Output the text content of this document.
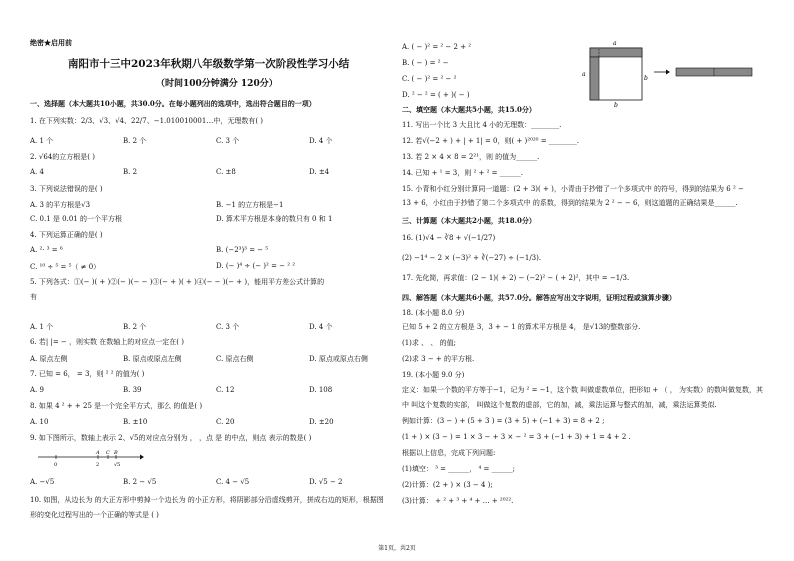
绝密★启用前
南阳市十三中2023年秋期八年级数学第一次阶段性学习小结
（时间100分钟满分 120分）
一、选择题（本大题共10小题，共30.0分。在每小题列出的选项中，选出符合题目的一项）
1. 在下列实数：2/3、√3、√4、22/7、−1.010010001…中，无理数有( )
A. 1 个	B. 2 个	C. 3 个	D. 4 个
2. √64的立方根是( )
A. 4	B. 2	C. ±8	D. ±4
3. 下列说法错误的是( )
A. 3 的平方根是√3	B. −1 的立方根是−1
C. 0.1 是 0.01 的一个平方根	D. 算术平方根是本身的数只有 0 和 1
4. 下列运算正确的是( )
A. ²· ³ = ⁶	B. (−2³)³ = − ⁵
C. ¹⁰ ÷ ⁵ = ⁵（ ≠ 0）	D. (− )⁴ ÷ (− )² = − ² ²
5. 下列各式：①(− )( + )②(− )(− − )③(− + )( + )④(− − )(− + )，能用平方差公式计算的
有
A. 1 个	B. 2 个	C. 3 个	D. 4 个
6. 若| |= − ，则实数 在数轴上的对应点一定在( )
A. 原点左侧	B. 原点或原点左侧	C. 原点右侧	D. 原点或原点右侧
7. 已知 = 6， = 3，则 ² ² 的值为( )
A. 9	B. 39	C. 12	D. 108
8. 如果 4 ² + + 25 是一个完全平方式，那么 的值是( )
A. 10	B. ±10	C. 20	D. ±20
9. 如下图所示，数轴上表示 2、√5的对应点分别为 ， ，点 是 的中点，则点 表示的数是( )
0
A C B
2	√5
A. −√5	B. 2 − √5	C. 4 − √5	D. √5 − 2
10. 如图，从边长为 的大正方形中剪掉一个边长为 的小正方形，将阴影部分沿虚线剪开，拼成右边的矩形，根据图
形的变化过程写出的一个正确的等式是 ( )
A. ( − )² = ² − 2 + ²
B. ( − ) = ² −
C. ( − )² = ² − ²
D. ² − ² = ( + )( − )
a
a
b
b
二、填空题（本大题共5小题，共15.0分）
11. 写出一个比 3 大且比 4 小的无理数：________.
12. 若√(−2 + ) + | + 1| = 0，则( + )²⁰²⁰ = ________.
13. 若 2 × 4 × 8 = 2²¹，则 的值为______.
14. 已知 + ¹ = 3，则 ² + ² = ______.
15. 小青和小红分别计算同一道题：(2 + 3)( + )，小青由于抄错了一个多项式中 的符号，得到的结果为 6 ² −
13 + 6，小红由于抄错了第二个多项式中 的系数，得到的结果为 2 ² − − 6，则这道题的正确结果是______.
三、计算题（本大题共2小题，共18.0分）
16. (1)√4 − ∛8 + √(−1/27)
(2) −1⁴ − 2 × (−3)² + ∛(−27) ÷ (−1/3).
17. 先化简，再求值：(2 − 1)( + 2) − (−2)² − ( + 2)²，其中 = −1/3.
四、解答题（本大题共6小题，共57.0分。解答应写出文字说明，证明过程或演算步骤）
18. (本小题 8.0 分)
已知 5 + 2 的立方根是 3，3 + − 1 的算术平方根是 4， 是√13的整数部分.
(1)求 、 、 的值;
(2)求 3 − + 的平方根.
19. (本小题 9.0 分)
定义：如果一个数的平方等于−1，记为 ² = −1，这个数 叫做虚数单位，把形如 + （ ， 为实数）的数叫做复数，其
中 叫这个复数的实部， 叫做这个复数的虚部，它的加，减，乘法运算与整式的加，减，乘法运算类似.
例如计算：(3 − ) + (5 + 3 ) = (3 + 5) + (−1 + 3) = 8 + 2 ;
(1 + ) × (3 − ) = 1 × 3 − + 3 × − ² = 3 + (−1 + 3) + 1 = 4 + 2 .
根据以上信息，完成下列问题:
(1)填空： ³ = ______， ⁴ = ______;
(2)计算：(2 + ) × (3 − 4 );
(3)计算： + ² + ³ + ⁴ + … + ²⁰²².
第1页，共2页
